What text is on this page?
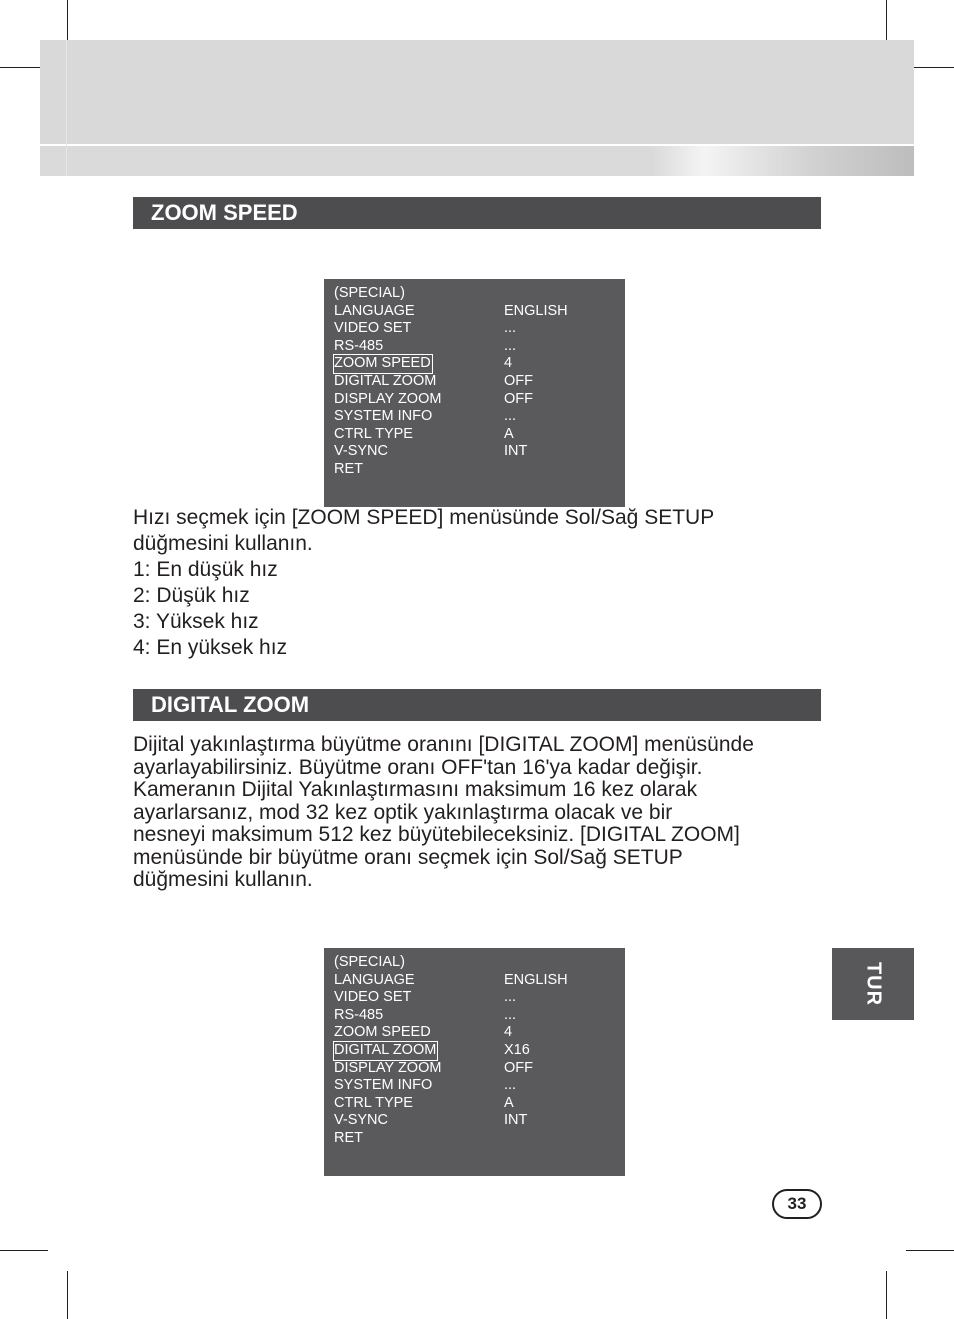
ZOOM SPEED
(SPECIAL)
LANGUAGE	ENGLISH
VIDEO SET	...
RS-485	...
ZOOM SPEED	4
DIGITAL ZOOM	OFF
DISPLAY ZOOM	OFF
SYSTEM INFO	...
CTRL TYPE	A
V-SYNC	INT
RET

Hızı seçmek için [ZOOM SPEED] menüsünde Sol/Sağ SETUP

düğmesini kullanın.

1: En düşük hız

2: Düşük hız

3: Yüksek hız

4: En yüksek hız

DIGITAL ZOOM

Dijital yakınlaştırma büyütme oranını [DIGITAL ZOOM] menüsünde

ayarlayabilirsiniz. Büyütme oranı OFF'tan 16'ya kadar değişir.

Kameranın Dijital Yakınlaştırmasını maksimum 16 kez olarak

ayarlarsanız, mod 32 kez optik yakınlaştırma olacak ve bir

nesneyi maksimum 512 kez büyütebileceksiniz. [DIGITAL ZOOM]

menüsünde bir büyütme oranı seçmek için Sol/Sağ SETUP

düğmesini kullanın.

(SPECIAL)
LANGUAGE	ENGLISH
VIDEO SET	...
RS-485	...
ZOOM SPEED	4
DIGITAL ZOOM	X16
DISPLAY ZOOM	OFF
SYSTEM INFO	...
CTRL TYPE	A
V-SYNC	INT
RET
TUR
33
